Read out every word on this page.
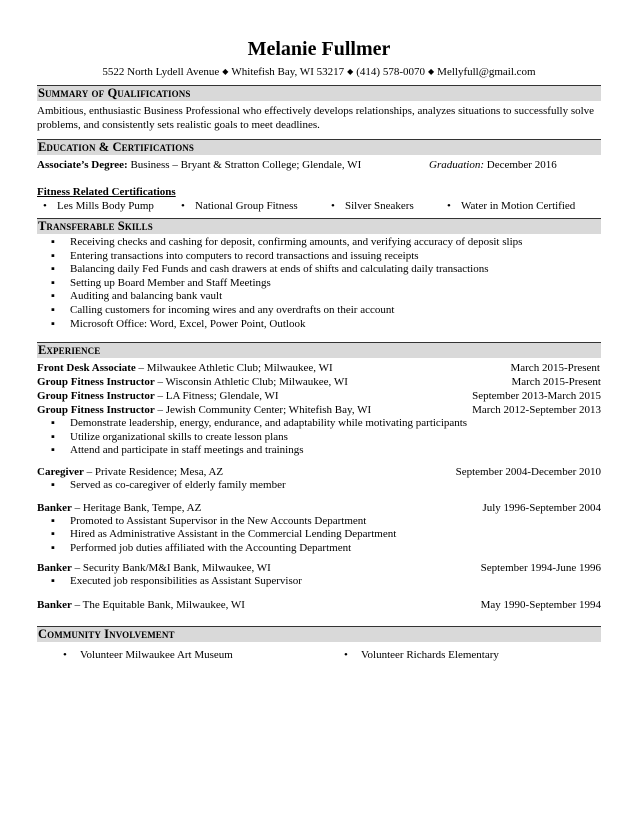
Melanie Fullmer
5522 North Lydell Avenue ◆ Whitefish Bay, WI 53217 ◆ (414) 578-0070 ◆ Mellyfull@gmail.com
Summary of Qualifications
Ambitious, enthusiastic Business Professional who effectively develops relationships, analyzes situations to successfully solve problems, and consistently sets realistic goals to meet deadlines.
Education & Certifications
Associate’s Degree: Business – Bryant & Stratton College; Glendale, WI	Graduation: December 2016
Fitness Related Certifications
• Les Mills Body Pump	• National Group Fitness	• Silver Sneakers	• Water in Motion Certified
Transferable Skills
▪ Receiving checks and cashing for deposit, confirming amounts, and verifying accuracy of deposit slips
▪ Entering transactions into computers to record transactions and issuing receipts
▪ Balancing daily Fed Funds and cash drawers at ends of shifts and calculating daily transactions
▪ Setting up Board Member and Staff Meetings
▪ Auditing and balancing bank vault
▪ Calling customers for incoming wires and any overdrafts on their account
▪ Microsoft Office: Word, Excel, Power Point, Outlook
Experience
Front Desk Associate – Milwaukee Athletic Club; Milwaukee, WI	March 2015-Present
Group Fitness Instructor – Wisconsin Athletic Club; Milwaukee, WI	March 2015-Present
Group Fitness Instructor – LA Fitness; Glendale, WI	September 2013-March 2015
Group Fitness Instructor – Jewish Community Center; Whitefish Bay, WI	March 2012-September 2013
▪ Demonstrate leadership, energy, endurance, and adaptability while motivating participants
▪ Utilize organizational skills to create lesson plans
▪ Attend and participate in staff meetings and trainings
Caregiver – Private Residence; Mesa, AZ	September 2004-December 2010
▪ Served as co-caregiver of elderly family member
Banker – Heritage Bank, Tempe, AZ	July 1996-September 2004
▪ Promoted to Assistant Supervisor in the New Accounts Department
▪ Hired as Administrative Assistant in the Commercial Lending Department
▪ Performed job duties affiliated with the Accounting Department
Banker – Security Bank/M&I Bank, Milwaukee, WI	September 1994-June 1996
▪ Executed job responsibilities as Assistant Supervisor
Banker – The Equitable Bank, Milwaukee, WI	May 1990-September 1994
Community Involvement
• Volunteer Milwaukee Art Museum	• Volunteer Richards Elementary
